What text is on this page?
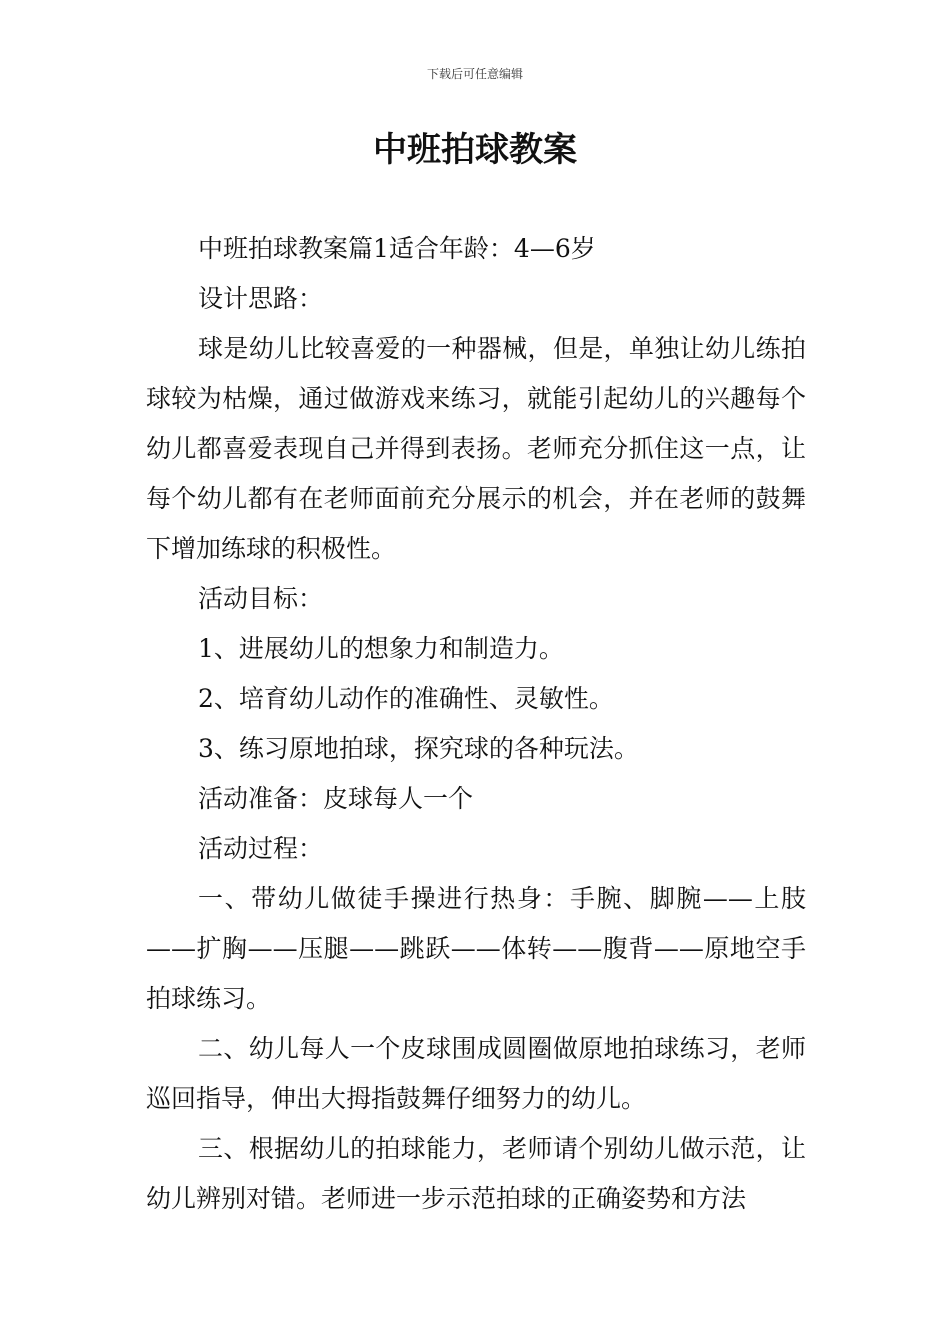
下载后可任意编辑
中班拍球教案

中班拍球教案篇1适合年龄：4—6岁

设计思路：

球是幼儿比较喜爱的一种器械，但是，单独让幼儿练拍球较为枯燥，通过做游戏来练习，就能引起幼儿的兴趣每个幼儿都喜爱表现自己并得到表扬。老师充分抓住这一点，让每个幼儿都有在老师面前充分展示的机会，并在老师的鼓舞下增加练球的积极性。

活动目标：

1、进展幼儿的想象力和制造力。

2、培育幼儿动作的准确性、灵敏性。

3、练习原地拍球，探究球的各种玩法。

活动准备：皮球每人一个

活动过程：

一、带幼儿做徒手操进行热身：手腕、脚腕——上肢——扩胸——压腿——跳跃——体转——腹背——原地空手拍球练习。

二、幼儿每人一个皮球围成圆圈做原地拍球练习，老师巡回指导，伸出大拇指鼓舞仔细努力的幼儿。

三、根据幼儿的拍球能力，老师请个别幼儿做示范，让幼儿辨别对错。老师进一步示范拍球的正确姿势和方法
